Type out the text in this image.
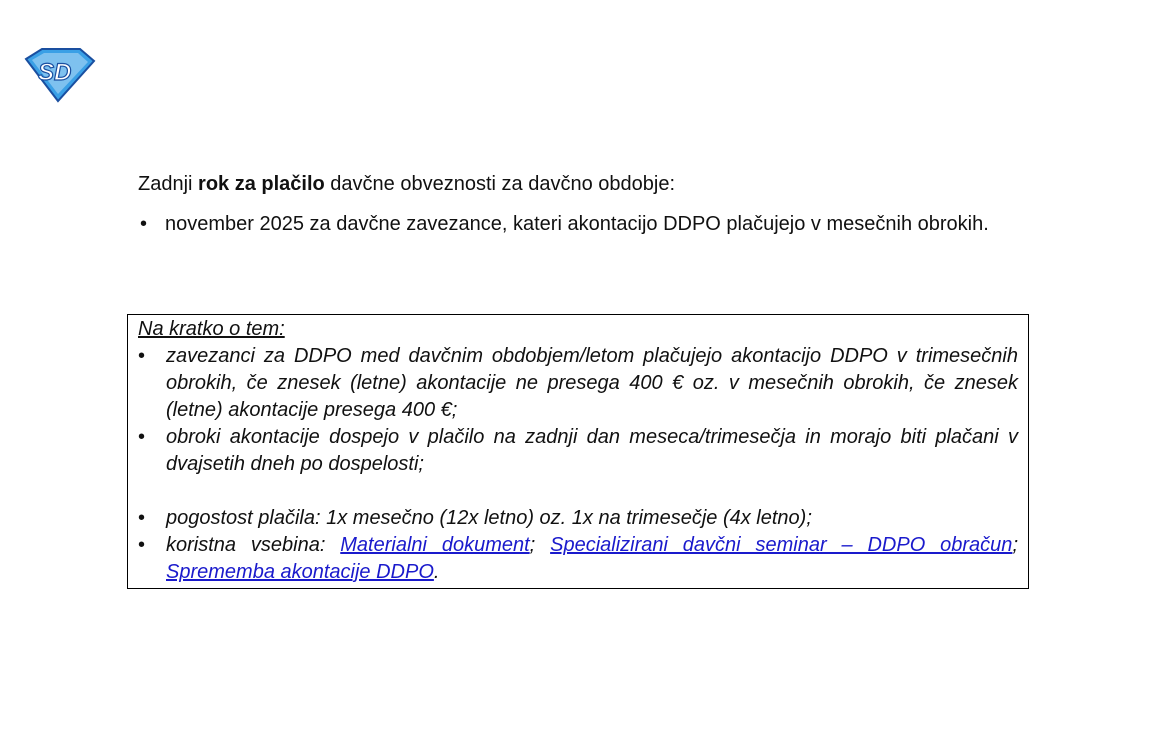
SD
Zadnji rok za plačilo davčne obveznosti za davčno obdobje:
• november 2025 za davčne zavezance, kateri akontacijo DDPO plačujejo v mesečnih obrokih.
Na kratko o tem:
• zavezanci za DDPO med davčnim obdobjem/letom plačujejo akontacijo DDPO v trimesečnih obrokih, če znesek (letne) akontacije ne presega 400 € oz. v mesečnih obrokih, če znesek (letne) akontacije presega 400 €;
• obroki akontacije dospejo v plačilo na zadnji dan meseca/trimesečja in morajo biti plačani v dvajsetih dneh po dospelosti;
• pogostost plačila: 1x mesečno (12x letno) oz. 1x na trimesečje (4x letno);
• koristna vsebina: Materialni dokument; Specializirani davčni seminar – DDPO obračun; Sprememba akontacije DDPO.
